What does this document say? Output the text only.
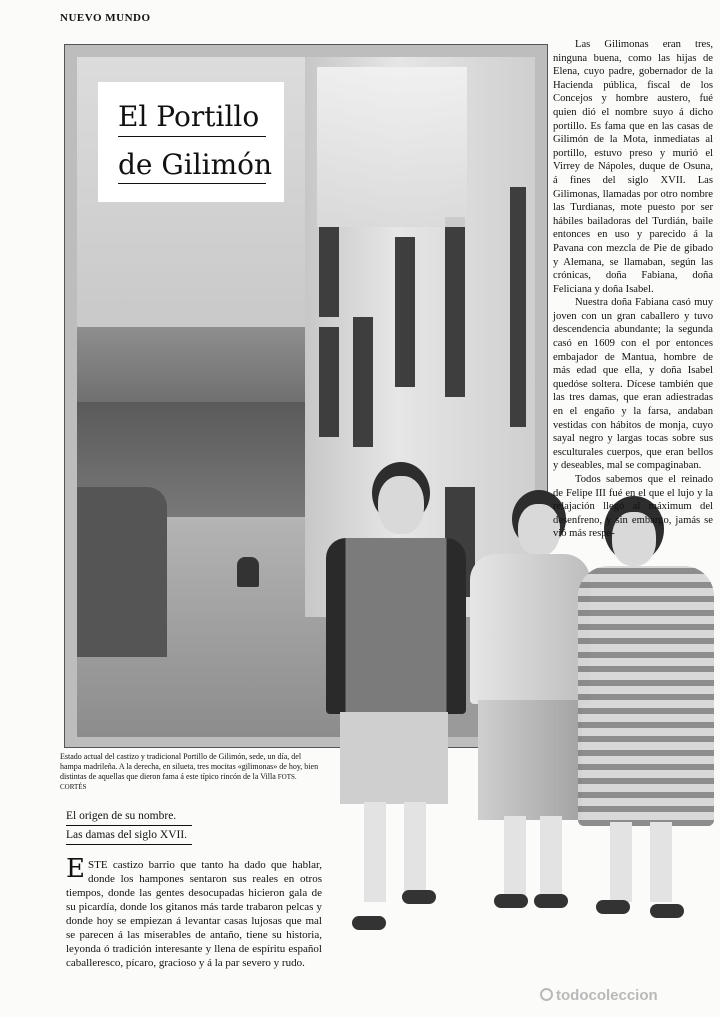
NUEVO MUNDO
El Portillo
de Gilimón
Estado actual del castizo y tradicional Portillo de Gilimón, sede, un día, del hampa madrileña. A la derecha, en silueta, tres mocitas «gilimonas» de hoy, bien distintas de aquellas que dieron fama á este típico rincón de la Villa FOTS. CORTÉS
El origen de su nombre.
Las damas del siglo XVII.

ESTE castizo barrio que tanto ha dado que hablar, donde los hampones sentaron sus reales en otros tiempos, donde las gentes desocupadas hicieron gala de su picardía, donde los gitanos más tarde trabaron pelcas y donde hoy se empiezan á levantar casas lujosas que mal se parecen á las miserables de antaño, tiene su historia, leyonda ó tradición interesante y llena de espíritu español caballeresco, pícaro, gracioso y á la par severo y rudo.

Las Gilimonas eran tres, ninguna buena, como las hijas de Elena, cuyo padre, gobernador de la Hacienda pública, fiscal de los Concejos y hombre austero, fué quien dió el nombre suyo á dicho portillo. Es fama que en las casas de Gilimón de la Mota, inmediatas al portillo, estuvo preso y murió el Virrey de Nápoles, duque de Osuna, á fines del siglo XVII. Las Gilimonas, llamadas por otro nombre las Turdianas, mote puesto por ser hábiles bailadoras del Turdián, baile entonces en uso y parecido á la Pavana con mezcla de Pie de gibado y Alemana, se llamaban, según las crónicas, doña Fabiana, doña Feliciana y doña Isabel.

Nuestra doña Fabiana casó muy joven con un gran caballero y tuvo descendencia abundante; la segunda casó en 1609 con el por entonces embajador de Mantua, hombre de más edad que ella, y doña Isabel quedóse soltera. Dícese también que las tres damas, que eran adiestradas en el engaño y la farsa, andaban vestidas con hábitos de monja, cuyo sayal negro y largas tocas sobre sus esculturales cuerpos, que eran bellos y deseables, mal se compaginaban.

Todos sabemos que el reinado de Felipe III fué en el que el lujo y la relajación llegó al máximum del desenfreno, y sin embargo, jamás se vió más respe-

todocoleccion
